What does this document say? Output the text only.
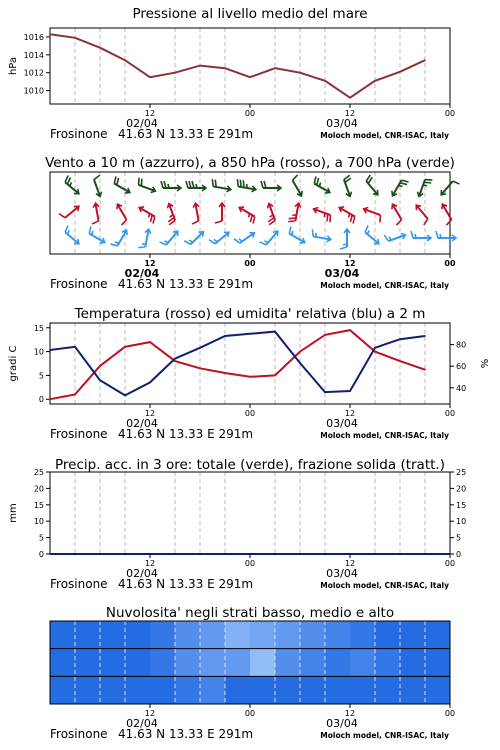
Pressione al livello medio del mare
1010
1012
1014
1016
hPa
12	00	12	00
02/04	03/04
Frosinone 41.63 N 13.33 E 291m	Moloch model, CNR-ISAC, Italy
Vento a 10 m (azzurro), a 850 hPa (rosso), a 700 hPa (verde)
12	00	12	00
02/04	03/04
Frosinone 41.63 N 13.33 E 291m	Moloch model, CNR-ISAC, Italy
Temperatura (rosso) ed umidita' relativa (blu) a 2 m
0
5
10
15
40
60
80
gradi C	%
12	00	12	00
02/04	03/04
Frosinone 41.63 N 13.33 E 291m	Moloch model, CNR-ISAC, Italy
Precip. acc. in 3 ore: totale (verde), frazione solida (tratt.)
0	0
5	5
10	10
15	15
20	20
25	25
mm
12	00	12	00
02/04	03/04
Frosinone 41.63 N 13.33 E 291m	Moloch model, CNR-ISAC, Italy
Nuvolosita' negli strati basso, medio e alto
12	00	12	00
02/04	03/04
Frosinone 41.63 N 13.33 E 291m	Moloch model, CNR-ISAC, Italy
